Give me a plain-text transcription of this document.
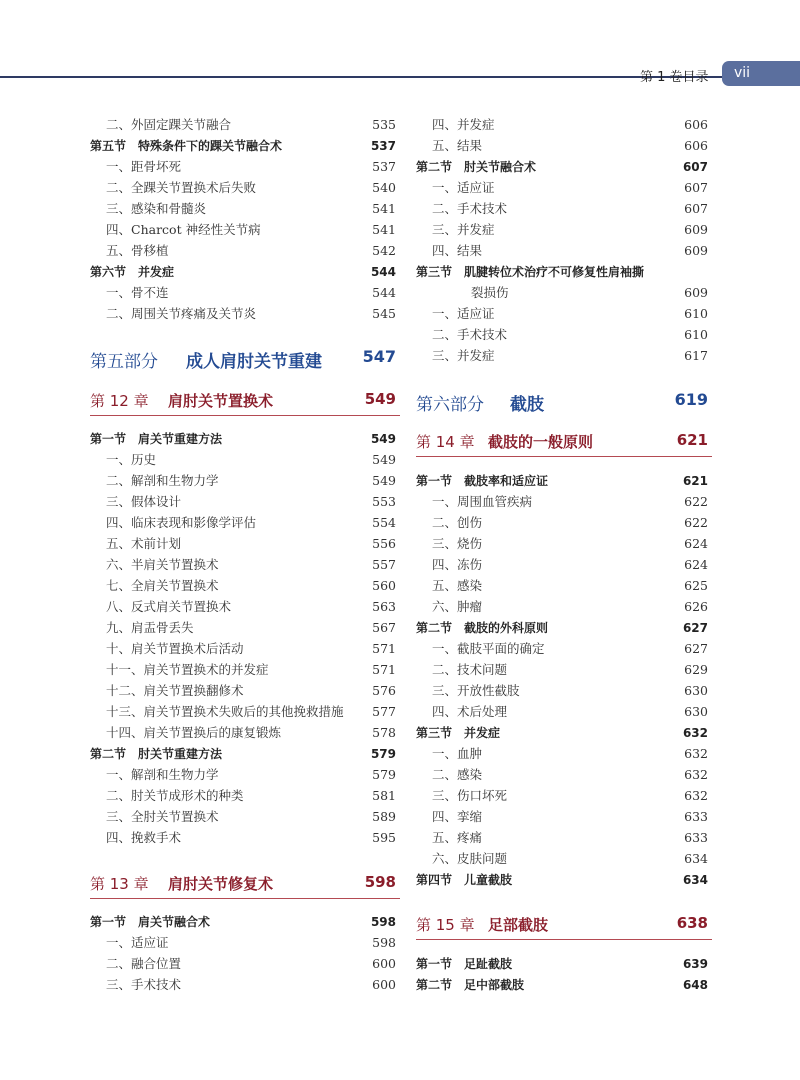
第 1 卷目录	vii
二、外固定踝关节融合	535
第五节　特殊条件下的踝关节融合术	537
一、距骨坏死	537
二、全踝关节置换术后失败	540
三、感染和骨髓炎	541
四、Charcot 神经性关节病	541
五、骨移植	542
第六节　并发症	544
一、骨不连	544
二、周围关节疼痛及关节炎	545
第五部分 成人肩肘关节重建	547
第 12 章 肩肘关节置换术	549
第一节　肩关节重建方法	549
一、历史	549
二、解剖和生物力学	549
三、假体设计	553
四、临床表现和影像学评估	554
五、术前计划	556
六、半肩关节置换术	557
七、全肩关节置换术	560
八、反式肩关节置换术	563
九、肩盂骨丢失	567
十、肩关节置换术后活动	571
十一、肩关节置换术的并发症	571
十二、肩关节置换翻修术	576
十三、肩关节置换术失败后的其他挽救措施 577
十四、肩关节置换后的康复锻炼	578
第二节　肘关节重建方法	579
一、解剖和生物力学	579
二、肘关节成形术的种类	581
三、全肘关节置换术	589
四、挽救手术	595
第 13 章 肩肘关节修复术	598
第一节　肩关节融合术	598
一、适应证	598
二、融合位置	600
三、手术技术	600
四、并发症	606
五、结果	606
第二节　肘关节融合术	607
一、适应证	607
二、手术技术	607
三、并发症	609
四、结果	609
第三节　肌腱转位术治疗不可修复性肩袖撕
裂损伤	609
一、适应证	610
二、手术技术	610
三、并发症	617
第六部分 截肢	619
第 14 章 截肢的一般原则	621
第一节　截肢率和适应证	621
一、周围血管疾病	622
二、创伤	622
三、烧伤	624
四、冻伤	624
五、感染	625
六、肿瘤	626
第二节　截肢的外科原则	627
一、截肢平面的确定	627
二、技术问题	629
三、开放性截肢	630
四、术后处理	630
第三节　并发症	632
一、血肿	632
二、感染	632
三、伤口坏死	632
四、挛缩	633
五、疼痛	633
六、皮肤问题	634
第四节　儿童截肢	634
第 15 章 足部截肢	638
第一节　足趾截肢	639
第二节　足中部截肢	648
